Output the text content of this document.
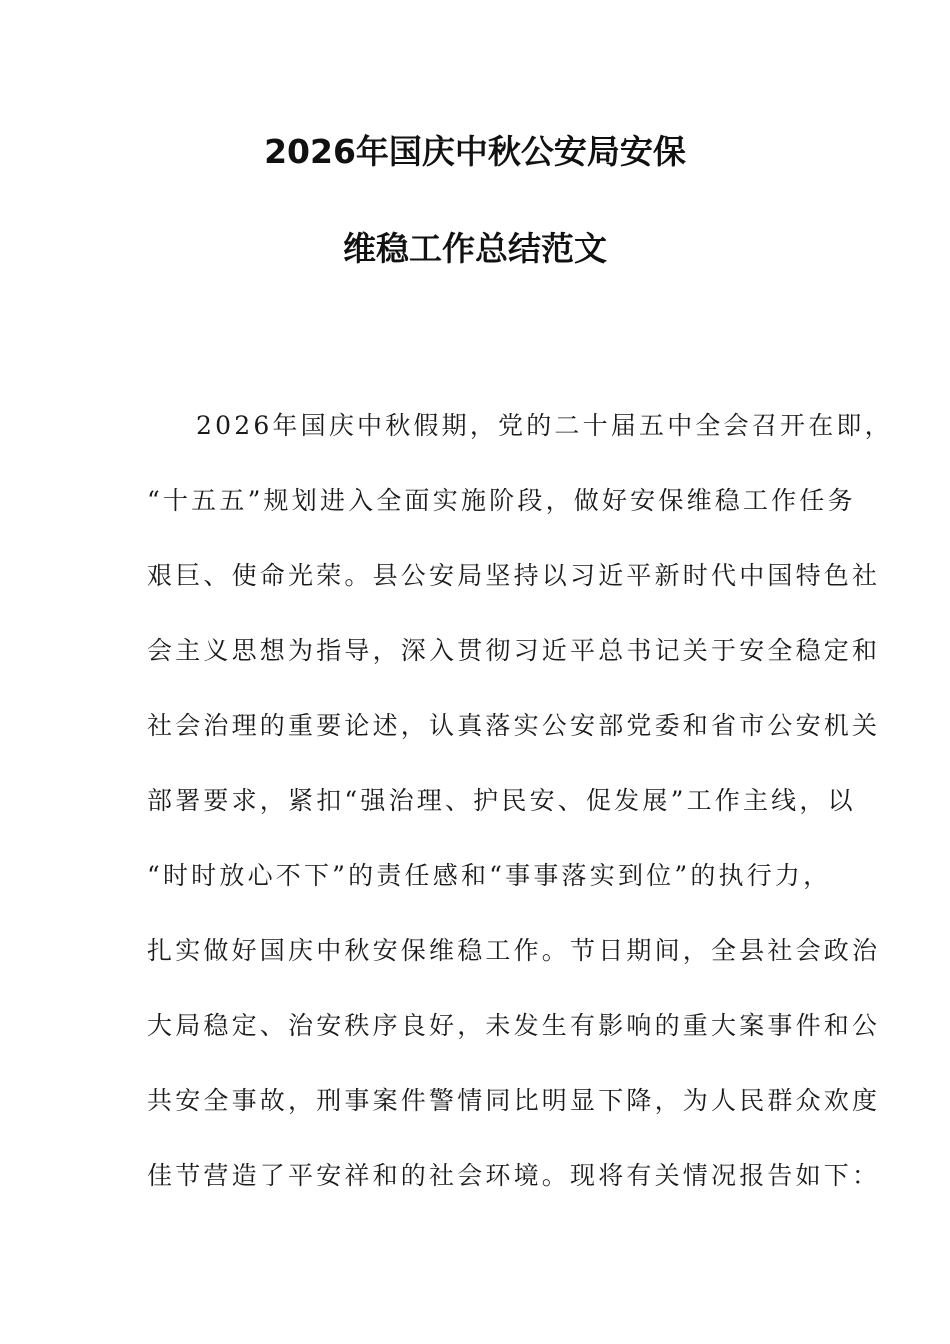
2026年国庆中秋公安局安保
维稳工作总结范文
2026年国庆中秋假期，党的二十届五中全会召开在即，
“十五五”规划进入全面实施阶段，做好安保维稳工作任务
艰巨、使命光荣。县公安局坚持以习近平新时代中国特色社
会主义思想为指导，深入贯彻习近平总书记关于安全稳定和
社会治理的重要论述，认真落实公安部党委和省市公安机关
部署要求，紧扣“强治理、护民安、促发展”工作主线，以
“时时放心不下”的责任感和“事事落实到位”的执行力，
扎实做好国庆中秋安保维稳工作。节日期间，全县社会政治
大局稳定、治安秩序良好，未发生有影响的重大案事件和公
共安全事故，刑事案件警情同比明显下降，为人民群众欢度
佳节营造了平安祥和的社会环境。现将有关情况报告如下：
